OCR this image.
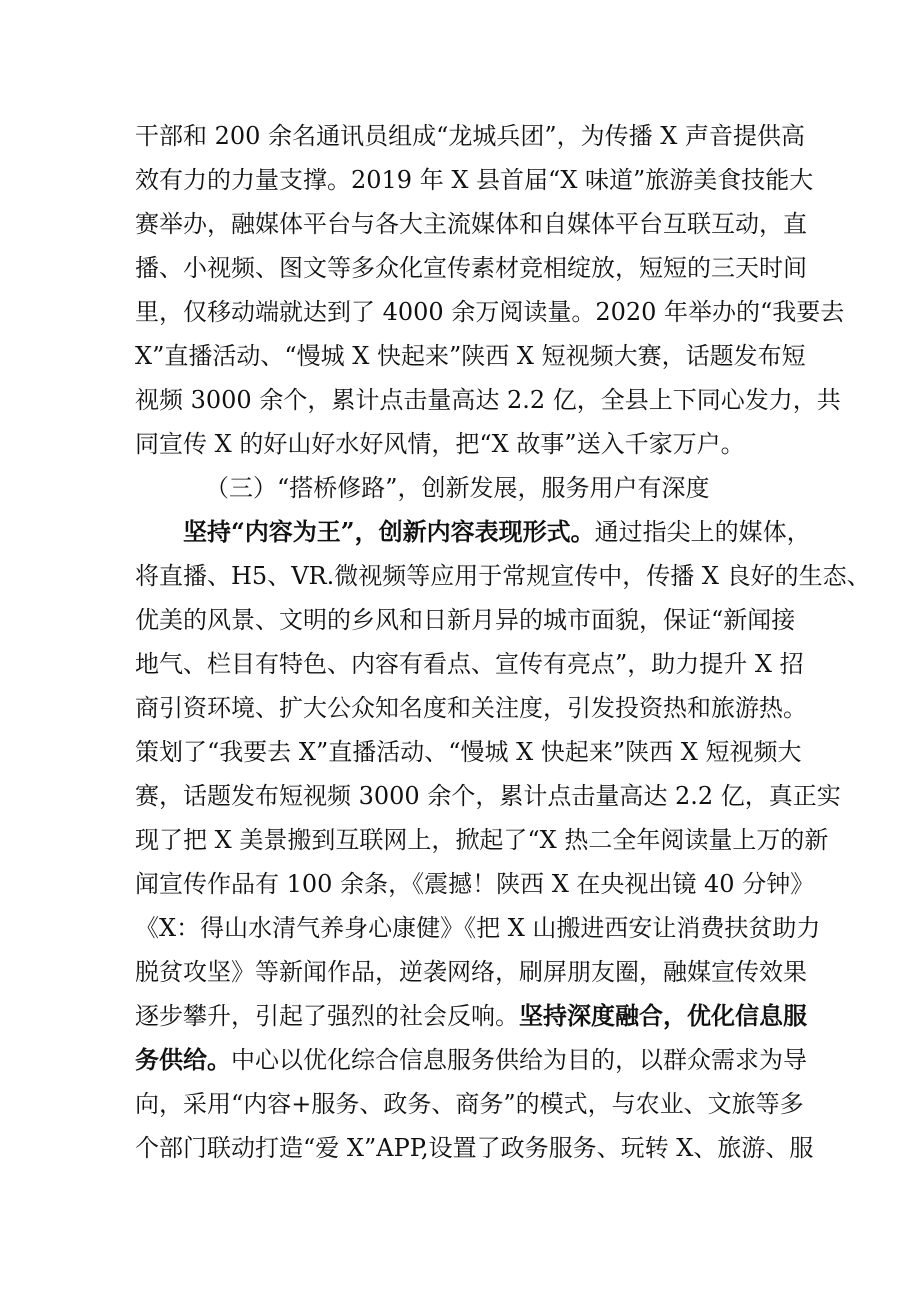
干部和 200 余名通讯员组成“龙城兵团”，为传播 X 声音提供高
效有力的力量支撑。2019 年 X 县首届“X 味道”旅游美食技能大
赛举办，融媒体平台与各大主流媒体和自媒体平台互联互动，直
播、小视频、图文等多众化宣传素材竞相绽放，短短的三天时间
里，仅移动端就达到了 4000 余万阅读量。2020 年举办的“我要去
X”直播活动、“慢城 X 快起来”陕西 X 短视频大赛，话题发布短
视频 3000 余个，累计点击量高达 2.2 亿，全县上下同心发力，共
同宣传 X 的好山好水好风情，把“X 故事”送入千家万户。
（三）“搭桥修路”，创新发展，服务用户有深度
坚持“内容为王”，创新内容表现形式。通过指尖上的媒体，
将直播、H5、VR.微视频等应用于常规宣传中，传播 X 良好的生态、
优美的风景、文明的乡风和日新月异的城市面貌，保证“新闻接
地气、栏目有特色、内容有看点、宣传有亮点”，助力提升 X 招
商引资环境、扩大公众知名度和关注度，引发投资热和旅游热。
策划了“我要去 X”直播活动、“慢城 X 快起来”陕西 X 短视频大
赛，话题发布短视频 3000 余个，累计点击量高达 2.2 亿，真正实
现了把 X 美景搬到互联网上，掀起了“X 热二全年阅读量上万的新
闻宣传作品有 100 余条，《震撼！陕西 X 在央视出镜 40 分钟》
《X：得山水清气养身心康健》《把 X 山搬进西安让消费扶贫助力
脱贫攻坚》等新闻作品，逆袭网络，刷屏朋友圈，融媒宣传效果
逐步攀升，引起了强烈的社会反响。坚持深度融合，优化信息服
务供给。中心以优化综合信息服务供给为目的，以群众需求为导
向，采用“内容+服务、政务、商务”的模式，与农业、文旅等多
个部门联动打造“爱 X”APP,设置了政务服务、玩转 X、旅游、服
